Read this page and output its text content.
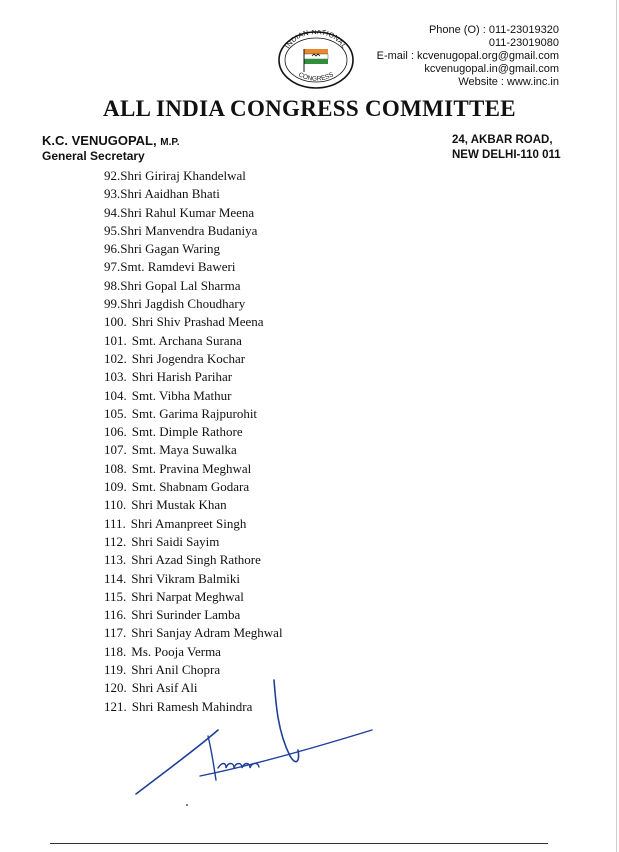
INDIAN NATIONAL
CONGRESS
Phone (O) : 011-23019320
011-23019080
E-mail : kcvenugopal.org@gmail.com
kcvenugopal.in@gmail.com
Website : www.inc.in
ALL INDIA CONGRESS COMMITTEE
K.C. VENUGOPAL, M.P.
General Secretary
24, AKBAR ROAD,
NEW DELHI-110 011
92.Shri Giriraj Khandelwal
93.Shri Aaidhan Bhati
94.Shri Rahul Kumar Meena
95.Shri Manvendra Budaniya
96.Shri Gagan Waring
97.Smt. Ramdevi Baweri
98.Shri Gopal Lal Sharma
99.Shri Jagdish Choudhary
100. Shri Shiv Prashad Meena
101. Smt. Archana Surana
102. Shri Jogendra Kochar
103. Shri Harish Parihar
104. Smt. Vibha Mathur
105. Smt. Garima Rajpurohit
106. Smt. Dimple Rathore
107. Smt. Maya Suwalka
108. Smt. Pravina Meghwal
109. Smt. Shabnam Godara
110. Shri Mustak Khan
111. Shri Amanpreet Singh
112. Shri Saidi Sayim
113. Shri Azad Singh Rathore
114. Shri Vikram Balmiki
115. Shri Narpat Meghwal
116. Shri Surinder Lamba
117. Shri Sanjay Adram Meghwal
118. Ms. Pooja Verma
119. Shri Anil Chopra
120. Shri Asif Ali
121. Shri Ramesh Mahindra
